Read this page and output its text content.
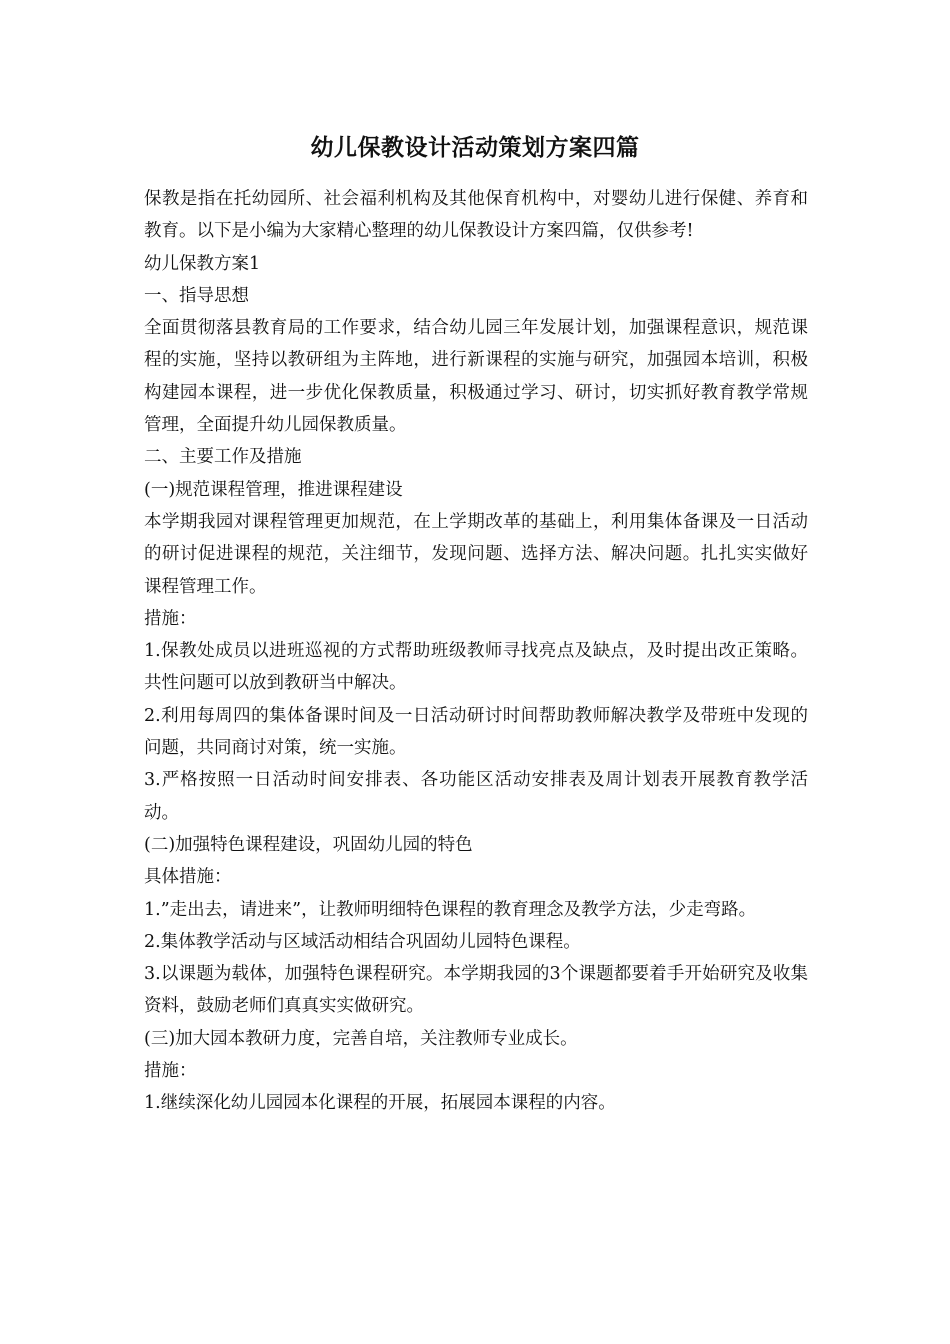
幼儿保教设计活动策划方案四篇

保教是指在托幼园所、社会福利机构及其他保育机构中，对婴幼儿进行保健、养育和教育。以下是小编为大家精心整理的幼儿保教设计方案四篇，仅供参考!

幼儿保教方案1

一、指导思想

全面贯彻落县教育局的工作要求，结合幼儿园三年发展计划，加强课程意识，规范课程的实施，坚持以教研组为主阵地，进行新课程的实施与研究，加强园本培训，积极构建园本课程，进一步优化保教质量，积极通过学习、研讨，切实抓好教育教学常规管理，全面提升幼儿园保教质量。

二、主要工作及措施

(一)规范课程管理，推进课程建设

本学期我园对课程管理更加规范，在上学期改革的基础上，利用集体备课及一日活动的研讨促进课程的规范，关注细节，发现问题、选择方法、解决问题。扎扎实实做好课程管理工作。

措施：

1.保教处成员以进班巡视的方式帮助班级教师寻找亮点及缺点，及时提出改正策略。共性问题可以放到教研当中解决。

2.利用每周四的集体备课时间及一日活动研讨时间帮助教师解决教学及带班中发现的问题，共同商讨对策，统一实施。

3.严格按照一日活动时间安排表、各功能区活动安排表及周计划表开展教育教学活动。

(二)加强特色课程建设，巩固幼儿园的特色

具体措施：

1.”走出去，请进来”，让教师明细特色课程的教育理念及教学方法，少走弯路。

2.集体教学活动与区域活动相结合巩固幼儿园特色课程。

3.以课题为载体，加强特色课程研究。本学期我园的3个课题都要着手开始研究及收集资料，鼓励老师们真真实实做研究。

(三)加大园本教研力度，完善自培，关注教师专业成长。

措施：

1.继续深化幼儿园园本化课程的开展，拓展园本课程的内容。
